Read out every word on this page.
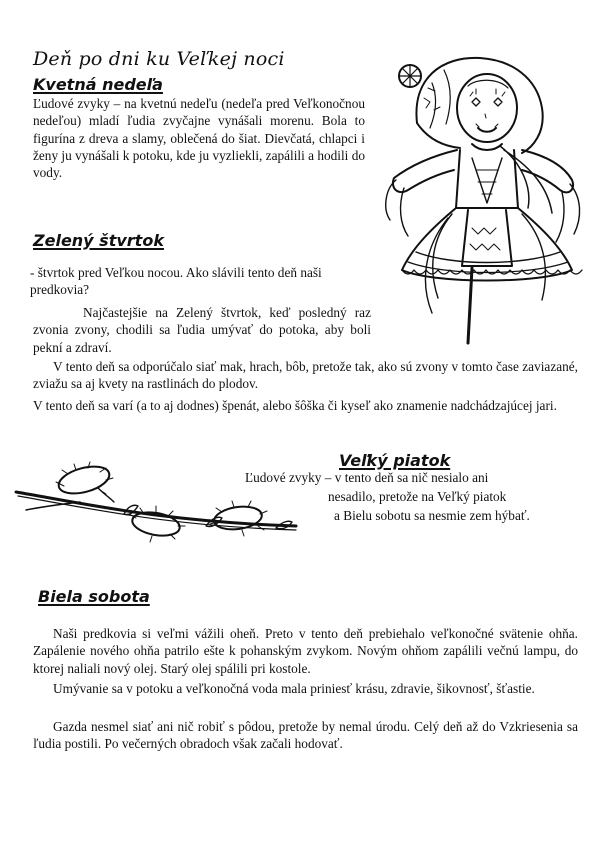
Deň po dni ku Veľkej noci
Kvetná nedeľa

Ľudové zvyky – na kvetnú nedeľu (nedeľa pred Veľkonočnou nedeľou) mladí ľudia zvyčajne vynášali morenu. Bola to figurína z dreva a slamy, oblečená do šiat. Dievčatá, chlapci i ženy ju vynášali k potoku, kde ju vyzliekli, zapálili a hodili do vody.

Zelený štvrtok

- štvrtok pred Veľkou nocou. Ako slávili tento deň naši predkovia?

Najčastejšie na Zelený štvrtok, keď posledný raz zvonia zvony, chodili sa ľudia umývať do potoka, aby boli pekní a zdraví.

V tento deň sa odporúčalo siať mak, hrach, bôb, pretože tak, ako sú zvony v tomto čase zaviazané, zviažu sa aj kvety na rastlinách do plodov.

V tento deň sa varí (a to aj dodnes) špenát, alebo šôška či kyseľ ako znamenie nadchádzajúcej jari.

Veľký piatok

Ľudové zvyky – v tento deň sa nič nesialo ani

nesadilo, pretože na Veľký piatok

a Bielu sobotu sa nesmie zem hýbať.

Biela sobota

Naši predkovia si veľmi vážili oheň. Preto v tento deň prebiehalo veľkonočné svätenie ohňa. Zapálenie nového ohňa patrilo ešte k pohanským zvykom. Novým ohňom zapálili večnú lampu, do ktorej naliali nový olej. Starý olej spálili pri kostole.

Umývanie sa v potoku a veľkonočná voda mala priniesť krásu, zdravie, šikovnosť, šťastie.

Gazda nesmel siať ani nič robiť s pôdou, pretože by nemal úrodu. Celý deň až do Vzkriesenia sa ľudia postili. Po večerných obradoch však začali hodovať.
